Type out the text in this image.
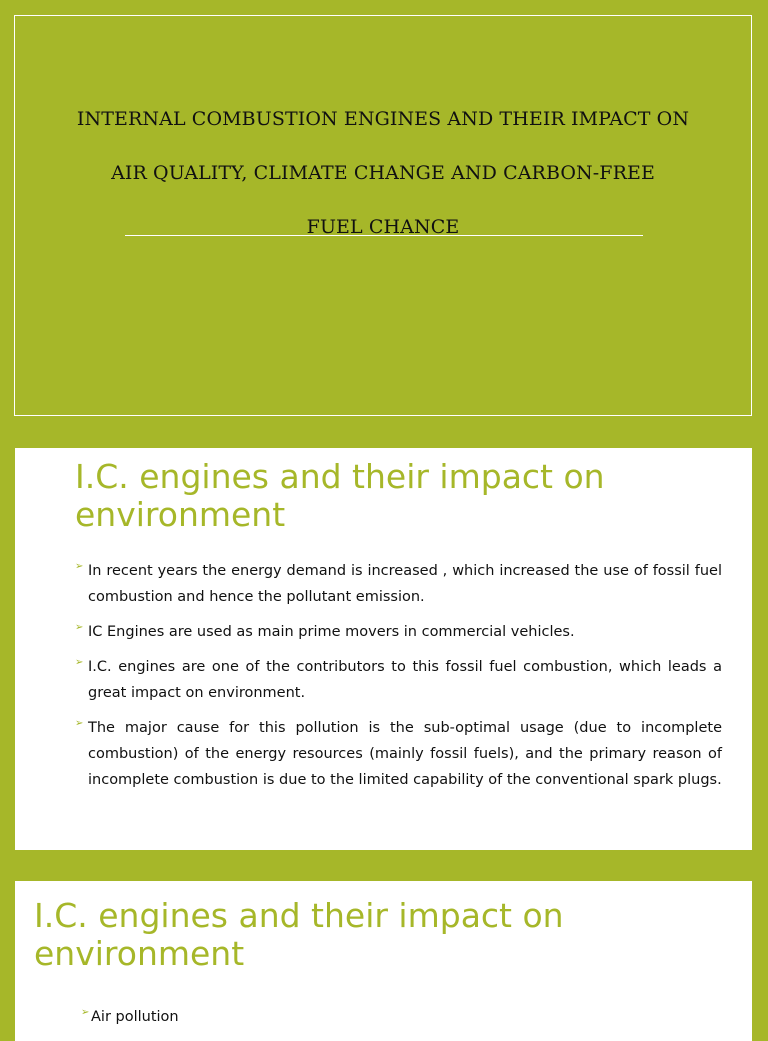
INTERNAL COMBUSTION ENGINES AND THEIR IMPACT ON
AIR QUALITY, CLIMATE CHANGE AND CARBON-FREE
FUEL CHANCE
I.C. engines and their impact on environment
➢ In recent years the energy demand is increased , which increased the use of fossil fuel combustion and hence the pollutant emission.
➢ IC Engines are used as main prime movers in commercial vehicles.
➢ I.C. engines are one of the contributors to this fossil fuel combustion, which leads a great impact on environment.
➢ The major cause for this pollution is the sub-optimal usage (due to incomplete combustion) of the energy resources (mainly fossil fuels), and the primary reason of incomplete combustion is due to the limited capability of the conventional spark plugs.
I.C. engines and their impact on environment
➢ Air pollution
